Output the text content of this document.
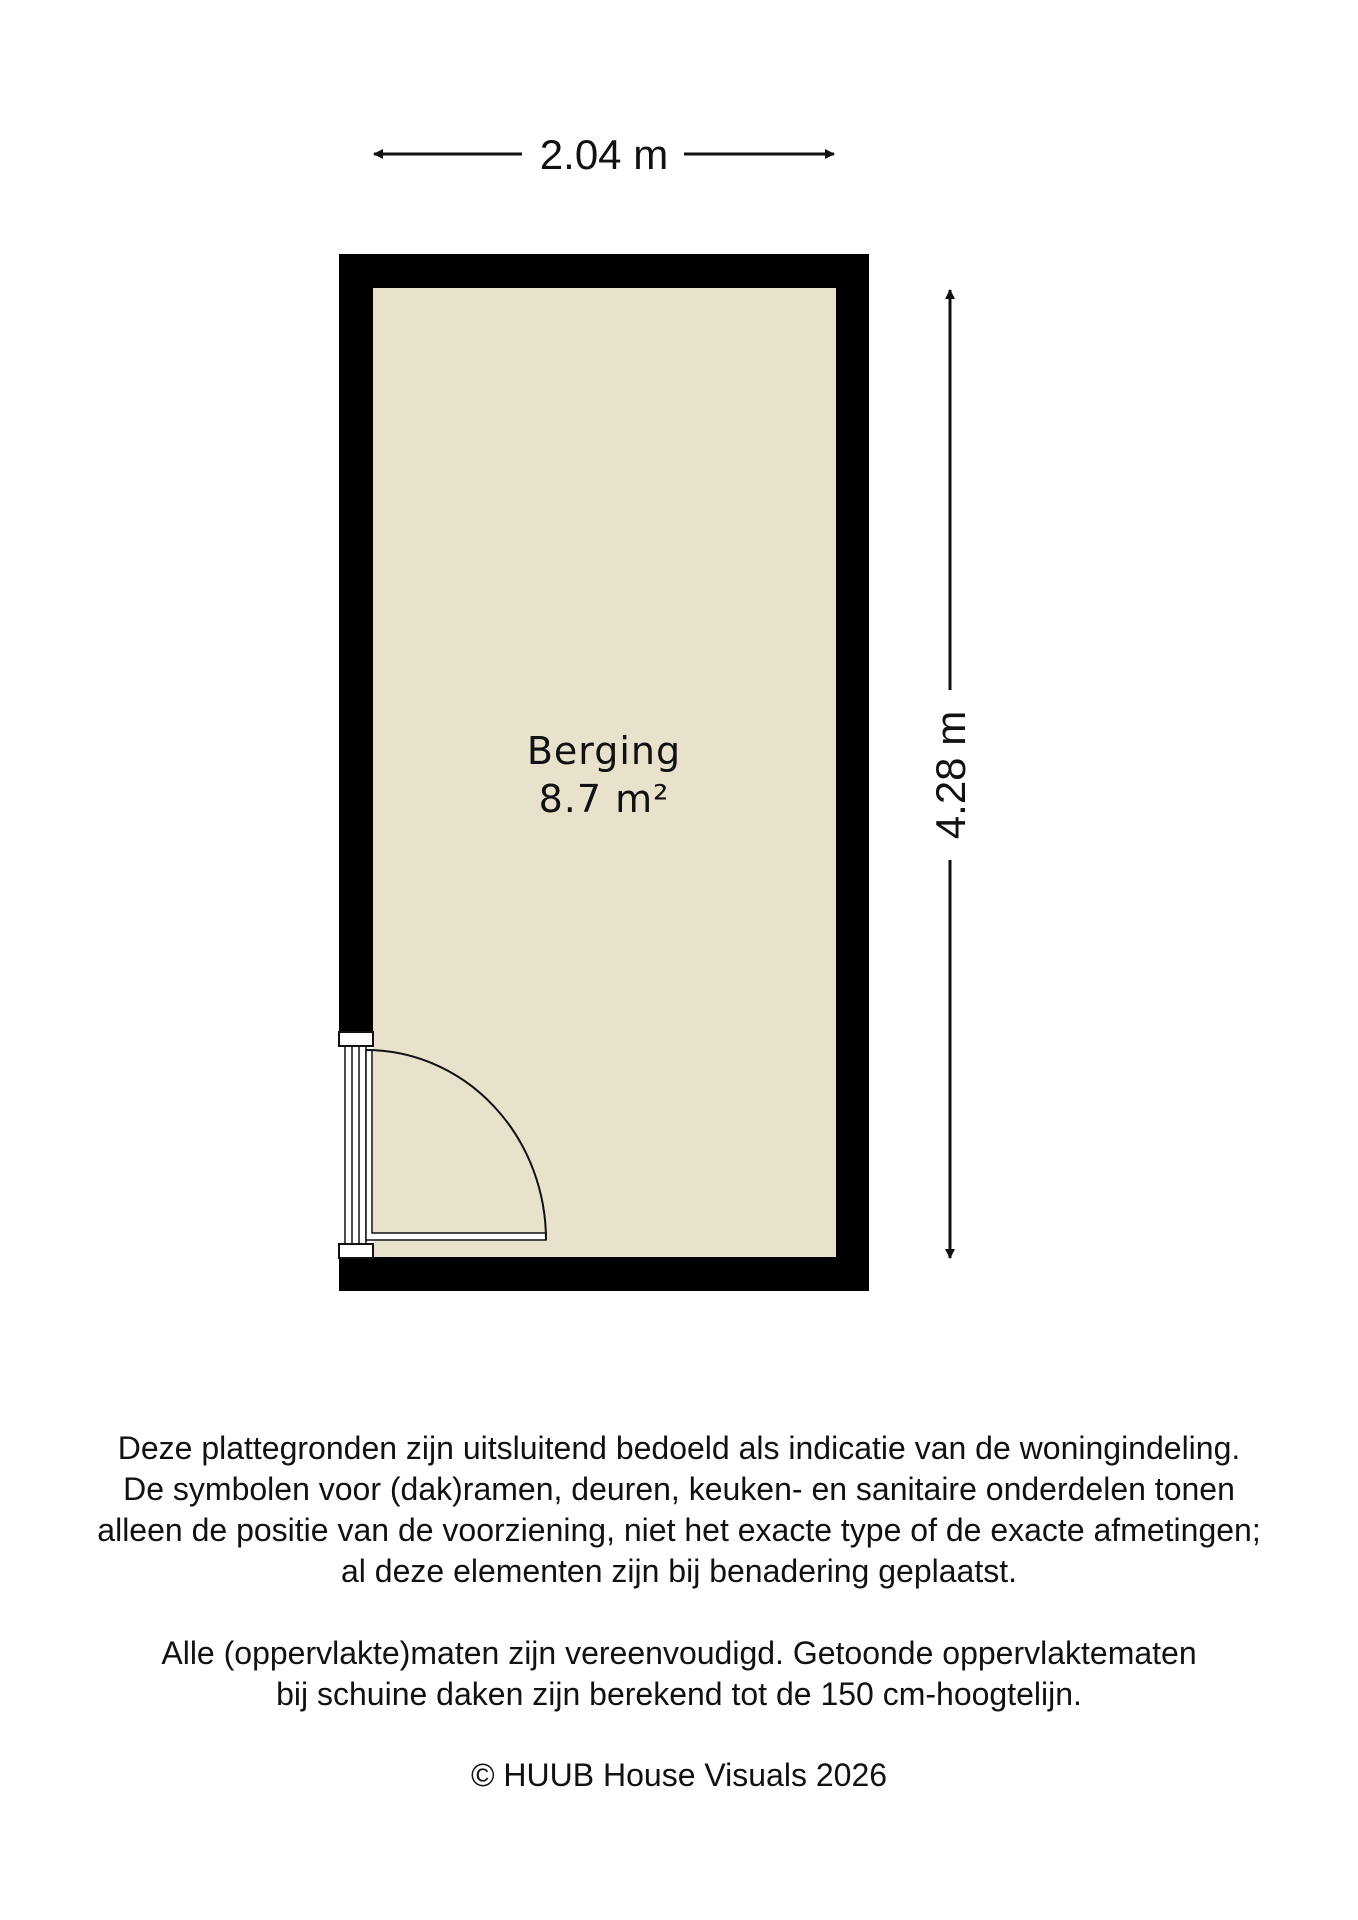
2.04 m
4.28 m
Berging
8.7 m²

Deze plattegronden zijn uitsluitend bedoeld als indicatie van de woningindeling.

De symbolen voor (dak)ramen, deuren, keuken- en sanitaire onderdelen tonen

alleen de positie van de voorziening, niet het exacte type of de exacte afmetingen;

al deze elementen zijn bij benadering geplaatst.

Alle (oppervlakte)maten zijn vereenvoudigd. Getoonde oppervlaktematen

bij schuine daken zijn berekend tot de 150 cm-hoogtelijn.

© HUUB House Visuals 2026
